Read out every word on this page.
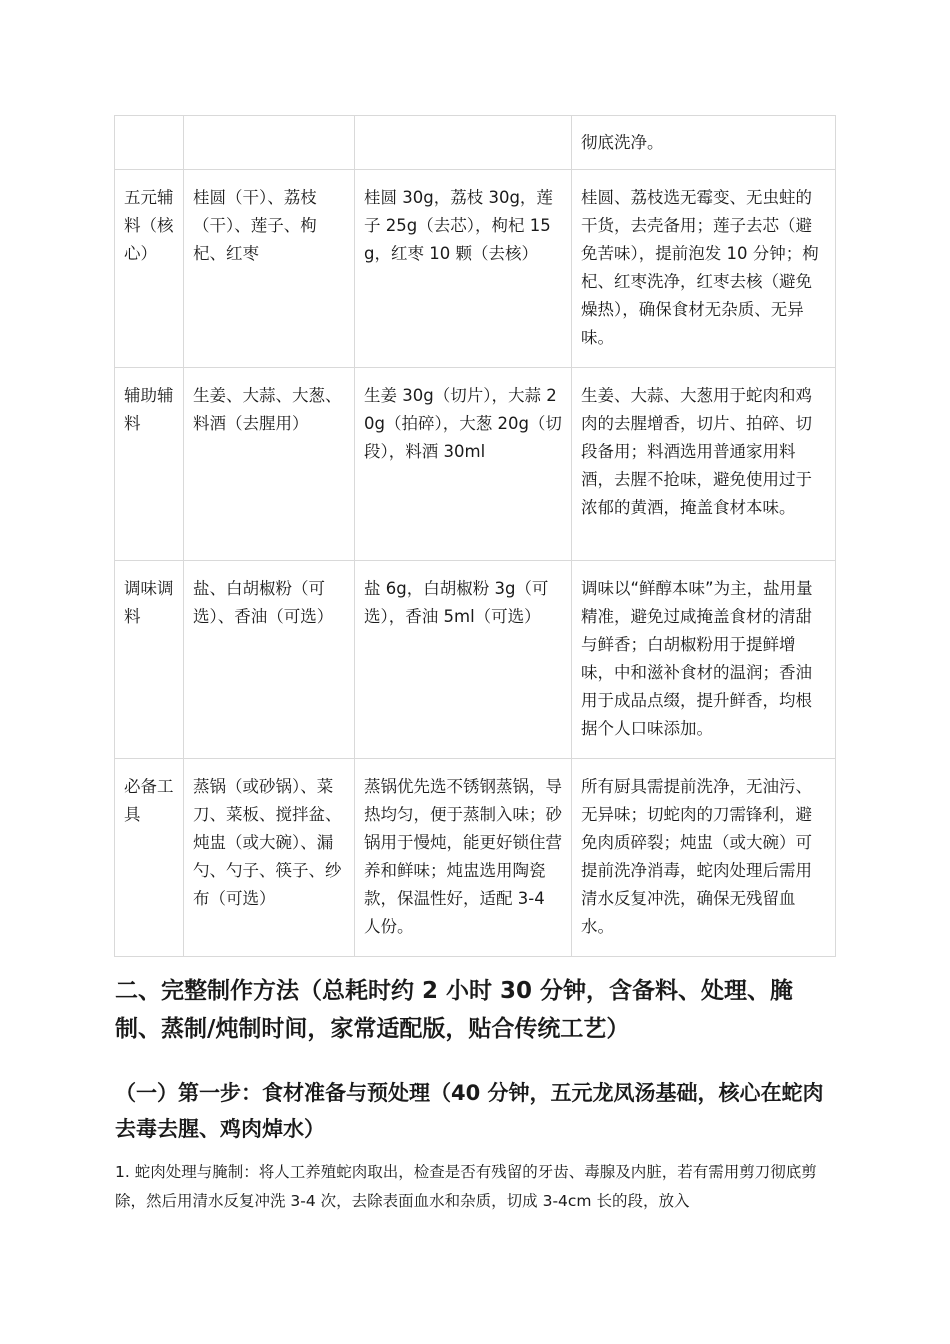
			彻底洗净。
五元辅料（核心）	桂圆（干）、荔枝（干）、莲子、枸杞、红枣	桂圆 30g，荔枝 30g，莲子 25g（去芯），枸杞 15g，红枣 10 颗（去核）	桂圆、荔枝选无霉变、无虫蛀的干货，去壳备用；莲子去芯（避免苦味），提前泡发 10 分钟；枸杞、红枣洗净，红枣去核（避免燥热），确保食材无杂质、无异味。
辅助辅料	生姜、大蒜、大葱、料酒（去腥用）	生姜 30g（切片），大蒜 20g（拍碎），大葱 20g（切段），料酒 30ml	生姜、大蒜、大葱用于蛇肉和鸡肉的去腥增香，切片、拍碎、切段备用；料酒选用普通家用料酒，去腥不抢味，避免使用过于浓郁的黄酒，掩盖食材本味。
调味调料	盐、白胡椒粉（可选）、香油（可选）	盐 6g，白胡椒粉 3g（可选），香油 5ml（可选）	调味以“鲜醇本味”为主，盐用量精准，避免过咸掩盖食材的清甜与鲜香；白胡椒粉用于提鲜增味，中和滋补食材的温润；香油用于成品点缀，提升鲜香，均根据个人口味添加。
必备工具	蒸锅（或砂锅）、菜刀、菜板、搅拌盆、炖盅（或大碗）、漏勺、勺子、筷子、纱布（可选）	蒸锅优先选不锈钢蒸锅，导热均匀，便于蒸制入味；砂锅用于慢炖，能更好锁住营养和鲜味；炖盅选用陶瓷款，保温性好，适配 3-4 人份。	所有厨具需提前洗净，无油污、无异味；切蛇肉的刀需锋利，避免肉质碎裂；炖盅（或大碗）可提前洗净消毒，蛇肉处理后需用清水反复冲洗，确保无残留血水。
二、完整制作方法（总耗时约 2 小时 30 分钟，含备料、处理、腌制、蒸制/炖制时间，家常适配版，贴合传统工艺）
（一）第一步：食材准备与预处理（40 分钟，五元龙凤汤基础，核心在蛇肉去毒去腥、鸡肉焯水）

1. 蛇肉处理与腌制：将人工养殖蛇肉取出，检查是否有残留的牙齿、毒腺及内脏，若有需用剪刀彻底剪除，然后用清水反复冲洗 3-4 次，去除表面血水和杂质，切成 3-4cm 长的段，放入
